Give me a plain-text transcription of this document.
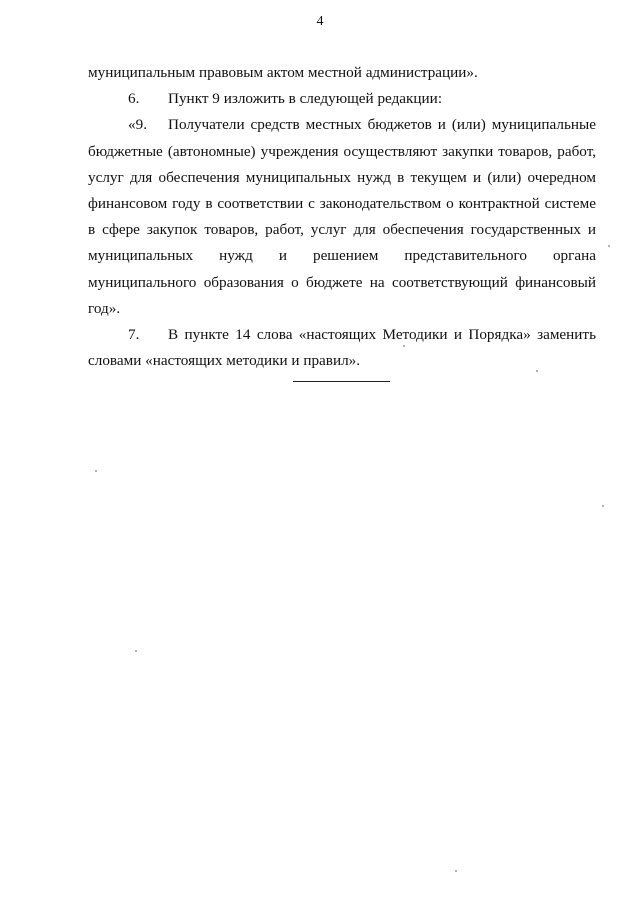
4

муниципальным правовым актом местной администрации».

6. Пункт 9 изложить в следующей редакции:

«9. Получатели средств местных бюджетов и (или) муниципальные бюджетные (автономные) учреждения осуществляют закупки товаров, работ, услуг для обеспечения муниципальных нужд в текущем и (или) очередном финансовом году в соответствии с законодательством о контрактной системе в сфере закупок товаров, работ, услуг для обеспечения государственных и муниципальных нужд и решением представительного органа муниципального образования о бюджете на соответствующий финансовый год».

7. В пункте 14 слова «настоящих Методики и Порядка» заменить словами «настоящих методики и правил».
